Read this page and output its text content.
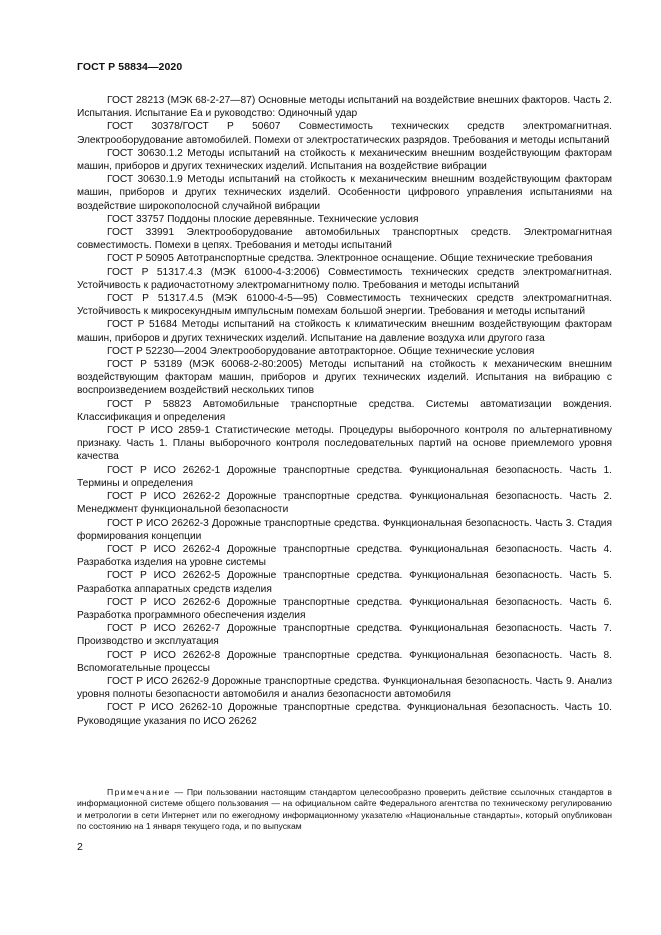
ГОСТ Р 58834—2020

ГОСТ 28213 (МЭК 68-2-27—87) Основные методы испытаний на воздействие внешних факторов. Часть 2. Испытания. Испытание Еа и руководство: Одиночный удар

ГОСТ 30378/ГОСТ Р 50607 Совместимость технических средств электромагнитная. Электрооборудование автомобилей. Помехи от электростатических разрядов. Требования и методы испытаний

ГОСТ 30630.1.2 Методы испытаний на стойкость к механическим внешним воздействующим факторам машин, приборов и других технических изделий. Испытания на воздействие вибрации

ГОСТ 30630.1.9 Методы испытаний на стойкость к механическим внешним воздействующим факторам машин, приборов и других технических изделий. Особенности цифрового управления испытаниями на воздействие широкополосной случайной вибрации

ГОСТ 33757 Поддоны плоские деревянные. Технические условия

ГОСТ 33991 Электрооборудование автомобильных транспортных средств. Электромагнитная совместимость. Помехи в цепях. Требования и методы испытаний

ГОСТ Р 50905 Автотранспортные средства. Электронное оснащение. Общие технические требования

ГОСТ Р 51317.4.3 (МЭК 61000-4-3:2006) Совместимость технических средств электромагнитная. Устойчивость к радиочастотному электромагнитному полю. Требования и методы испытаний

ГОСТ Р 51317.4.5 (МЭК 61000-4-5—95) Совместимость технических средств электромагнитная. Устойчивость к микросекундным импульсным помехам большой энергии. Требования и методы испытаний

ГОСТ Р 51684 Методы испытаний на стойкость к климатическим внешним воздействующим факторам машин, приборов и других технических изделий. Испытание на давление воздуха или другого газа

ГОСТ Р 52230—2004 Электрооборудование автотракторное. Общие технические условия

ГОСТ Р 53189 (МЭК 60068-2-80:2005) Методы испытаний на стойкость к механическим внешним воздействующим факторам машин, приборов и других технических изделий. Испытания на вибрацию с воспроизведением воздействий нескольких типов

ГОСТ Р 58823 Автомобильные транспортные средства. Системы автоматизации вождения. Классификация и определения

ГОСТ Р ИСО 2859-1 Статистические методы. Процедуры выборочного контроля по альтернативному признаку. Часть 1. Планы выборочного контроля последовательных партий на основе приемлемого уровня качества

ГОСТ Р ИСО 26262-1 Дорожные транспортные средства. Функциональная безопасность. Часть 1. Термины и определения

ГОСТ Р ИСО 26262-2 Дорожные транспортные средства. Функциональная безопасность. Часть 2. Менеджмент функциональной безопасности

ГОСТ Р ИСО 26262-3 Дорожные транспортные средства. Функциональная безопасность. Часть 3. Стадия формирования концепции

ГОСТ Р ИСО 26262-4 Дорожные транспортные средства. Функциональная безопасность. Часть 4. Разработка изделия на уровне системы

ГОСТ Р ИСО 26262-5 Дорожные транспортные средства. Функциональная безопасность. Часть 5. Разработка аппаратных средств изделия

ГОСТ Р ИСО 26262-6 Дорожные транспортные средства. Функциональная безопасность. Часть 6. Разработка программного обеспечения изделия

ГОСТ Р ИСО 26262-7 Дорожные транспортные средства. Функциональная безопасность. Часть 7. Производство и эксплуатация

ГОСТ Р ИСО 26262-8 Дорожные транспортные средства. Функциональная безопасность. Часть 8. Вспомогательные процессы

ГОСТ Р ИСО 26262-9 Дорожные транспортные средства. Функциональная безопасность. Часть 9. Анализ уровня полноты безопасности автомобиля и анализ безопасности автомобиля

ГОСТ Р ИСО 26262-10 Дорожные транспортные средства. Функциональная безопасность. Часть 10. Руководящие указания по ИСО 26262

Примечание — При пользовании настоящим стандартом целесообразно проверить действие ссылочных стандартов в информационной системе общего пользования — на официальном сайте Федерального агентства по техническому регулированию и метрологии в сети Интернет или по ежегодному информационному указателю «Национальные стандарты», который опубликован по состоянию на 1 января текущего года, и по выпускам

2
